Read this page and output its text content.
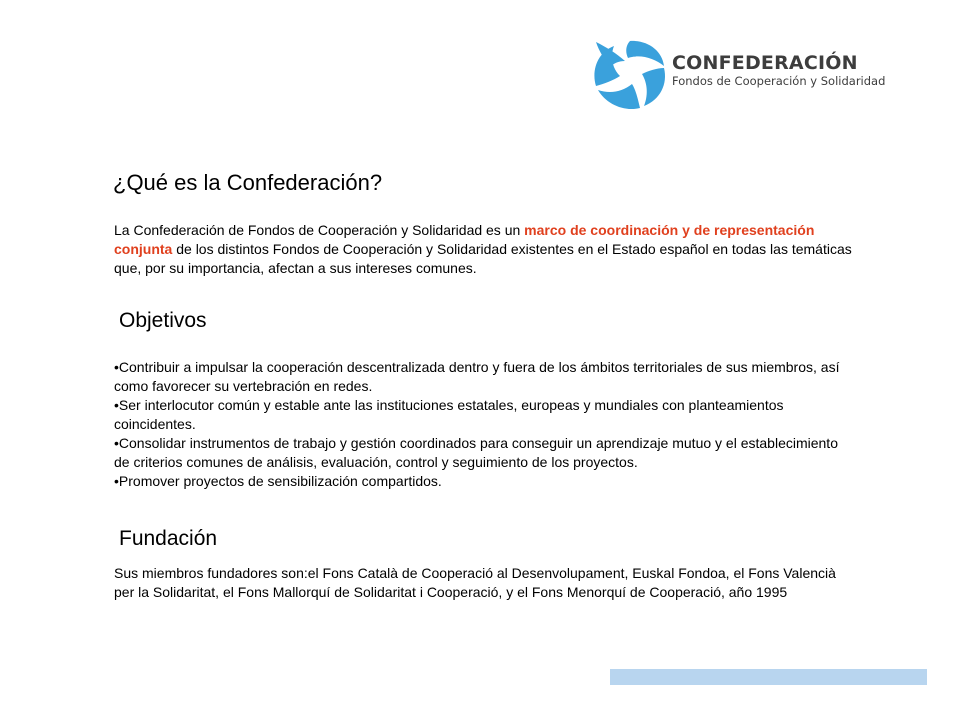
CONFEDERACIÓN
Fondos de Cooperación y Solidaridad
¿Qué es la Confederación?

La Confederación de Fondos de Cooperación y Solidaridad es un marco de coordinación y de representación conjunta de los distintos Fondos de Cooperación y Solidaridad existentes en el Estado español en todas las temáticas que, por su importancia, afectan a sus intereses comunes.

Objetivos
•Contribuir a impulsar la cooperación descentralizada dentro y fuera de los ámbitos territoriales de sus miembros, así como favorecer su vertebración en redes.
•Ser interlocutor común y estable ante las instituciones estatales, europeas y mundiales con planteamientos coincidentes.
•Consolidar instrumentos de trabajo y gestión coordinados para conseguir un aprendizaje mutuo y el establecimiento de criterios comunes de análisis, evaluación, control y seguimiento de los proyectos.
•Promover proyectos de sensibilización compartidos.
Fundación

Sus miembros fundadores son:el Fons Català de Cooperació al Desenvolupament, Euskal Fondoa, el Fons Valencià per la Solidaritat, el Fons Mallorquí de Solidaritat i Cooperació, y el Fons Menorquí de Cooperació, año 1995
